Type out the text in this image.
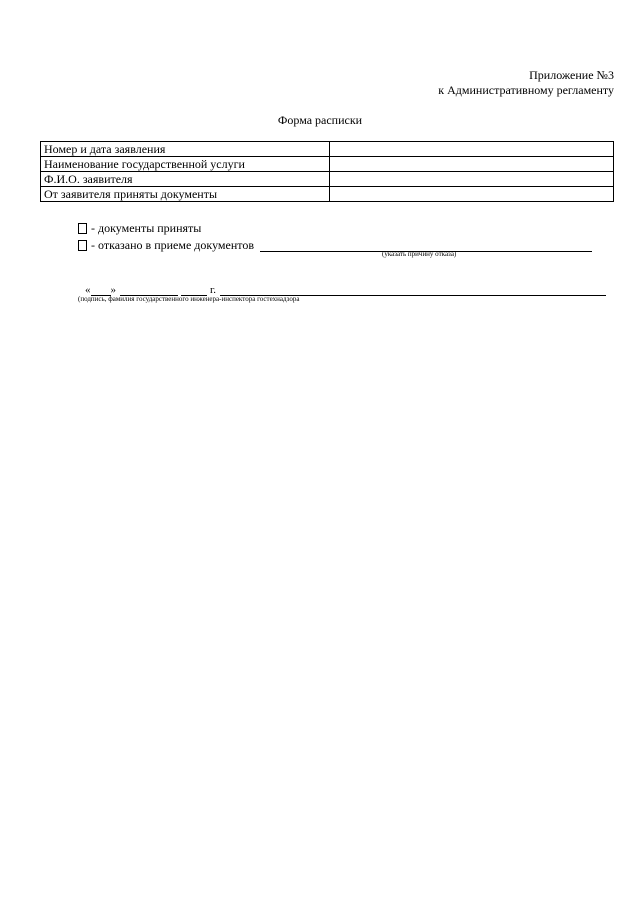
Приложение №3
к Административному регламенту
Форма расписки
Номер и дата заявления	
Наименование государственной услуги	
Ф.И.О. заявителя	
От заявителя приняты документы	
- документы приняты
- отказано в приеме документов
(указать причину отказа)
« »	г.
(подпись, фамилия государственного инженера-инспектора гостехнадзора
